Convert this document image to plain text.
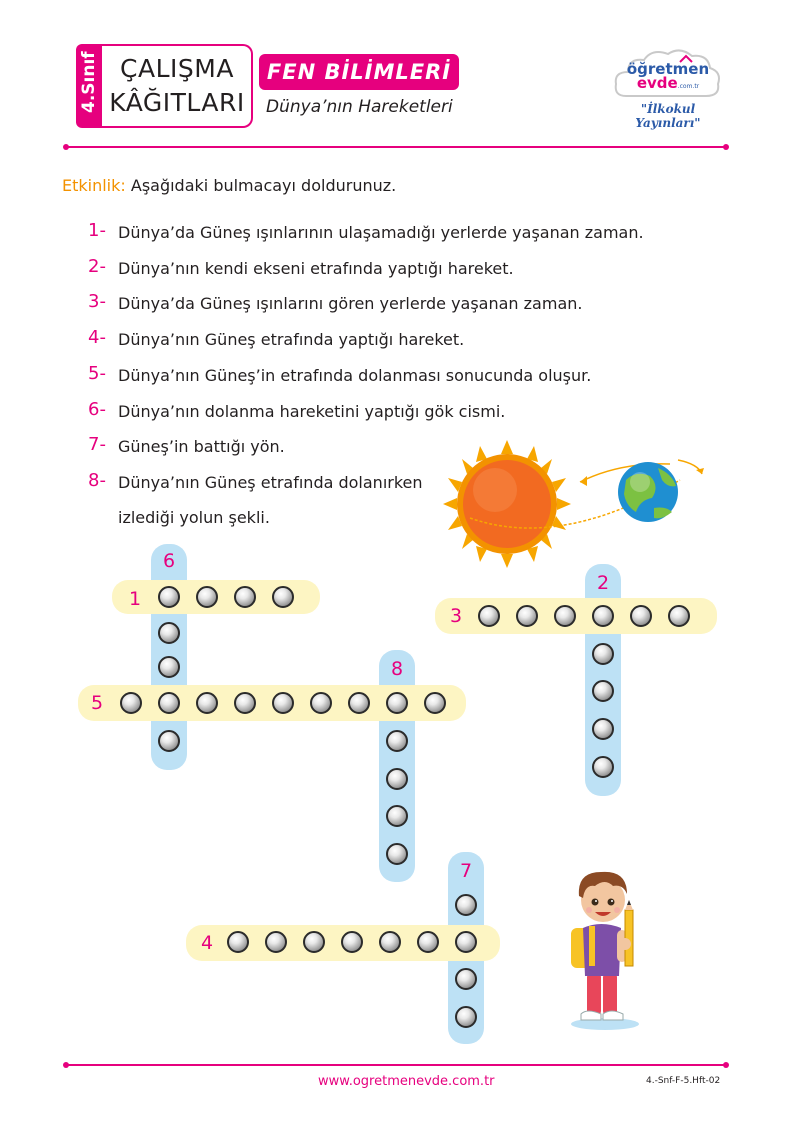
4.Sınıf ÇALIŞMA
KÂĞITLARI
FEN BİLİMLERİ
Dünya’nın Hareketleri
öğretmen
evde.com.tr
"İlkokul Yayınları"
Etkinlik: Aşağıdaki bulmacayı doldurunuz.
1- Dünya’da Güneş ışınlarının ulaşamadığı yerlerde yaşanan zaman.
2- Dünya’nın kendi ekseni etrafında yaptığı hareket.
3- Dünya’da Güneş ışınlarını gören yerlerde yaşanan zaman.
4- Dünya’nın Güneş etrafında yaptığı hareket.
5- Dünya’nın Güneş’in etrafında dolanması sonucunda oluşur.
6- Dünya’nın dolanma hareketini yaptığı gök cismi.
7- Güneş’in battığı yön.
8- Dünya’nın Güneş etrafında dolanırken
izlediği yolun şekli.
6
1
2
3
8
5
7
4
www.ogretmenevde.com.tr	4.-Snf-F-5.Hft-02
